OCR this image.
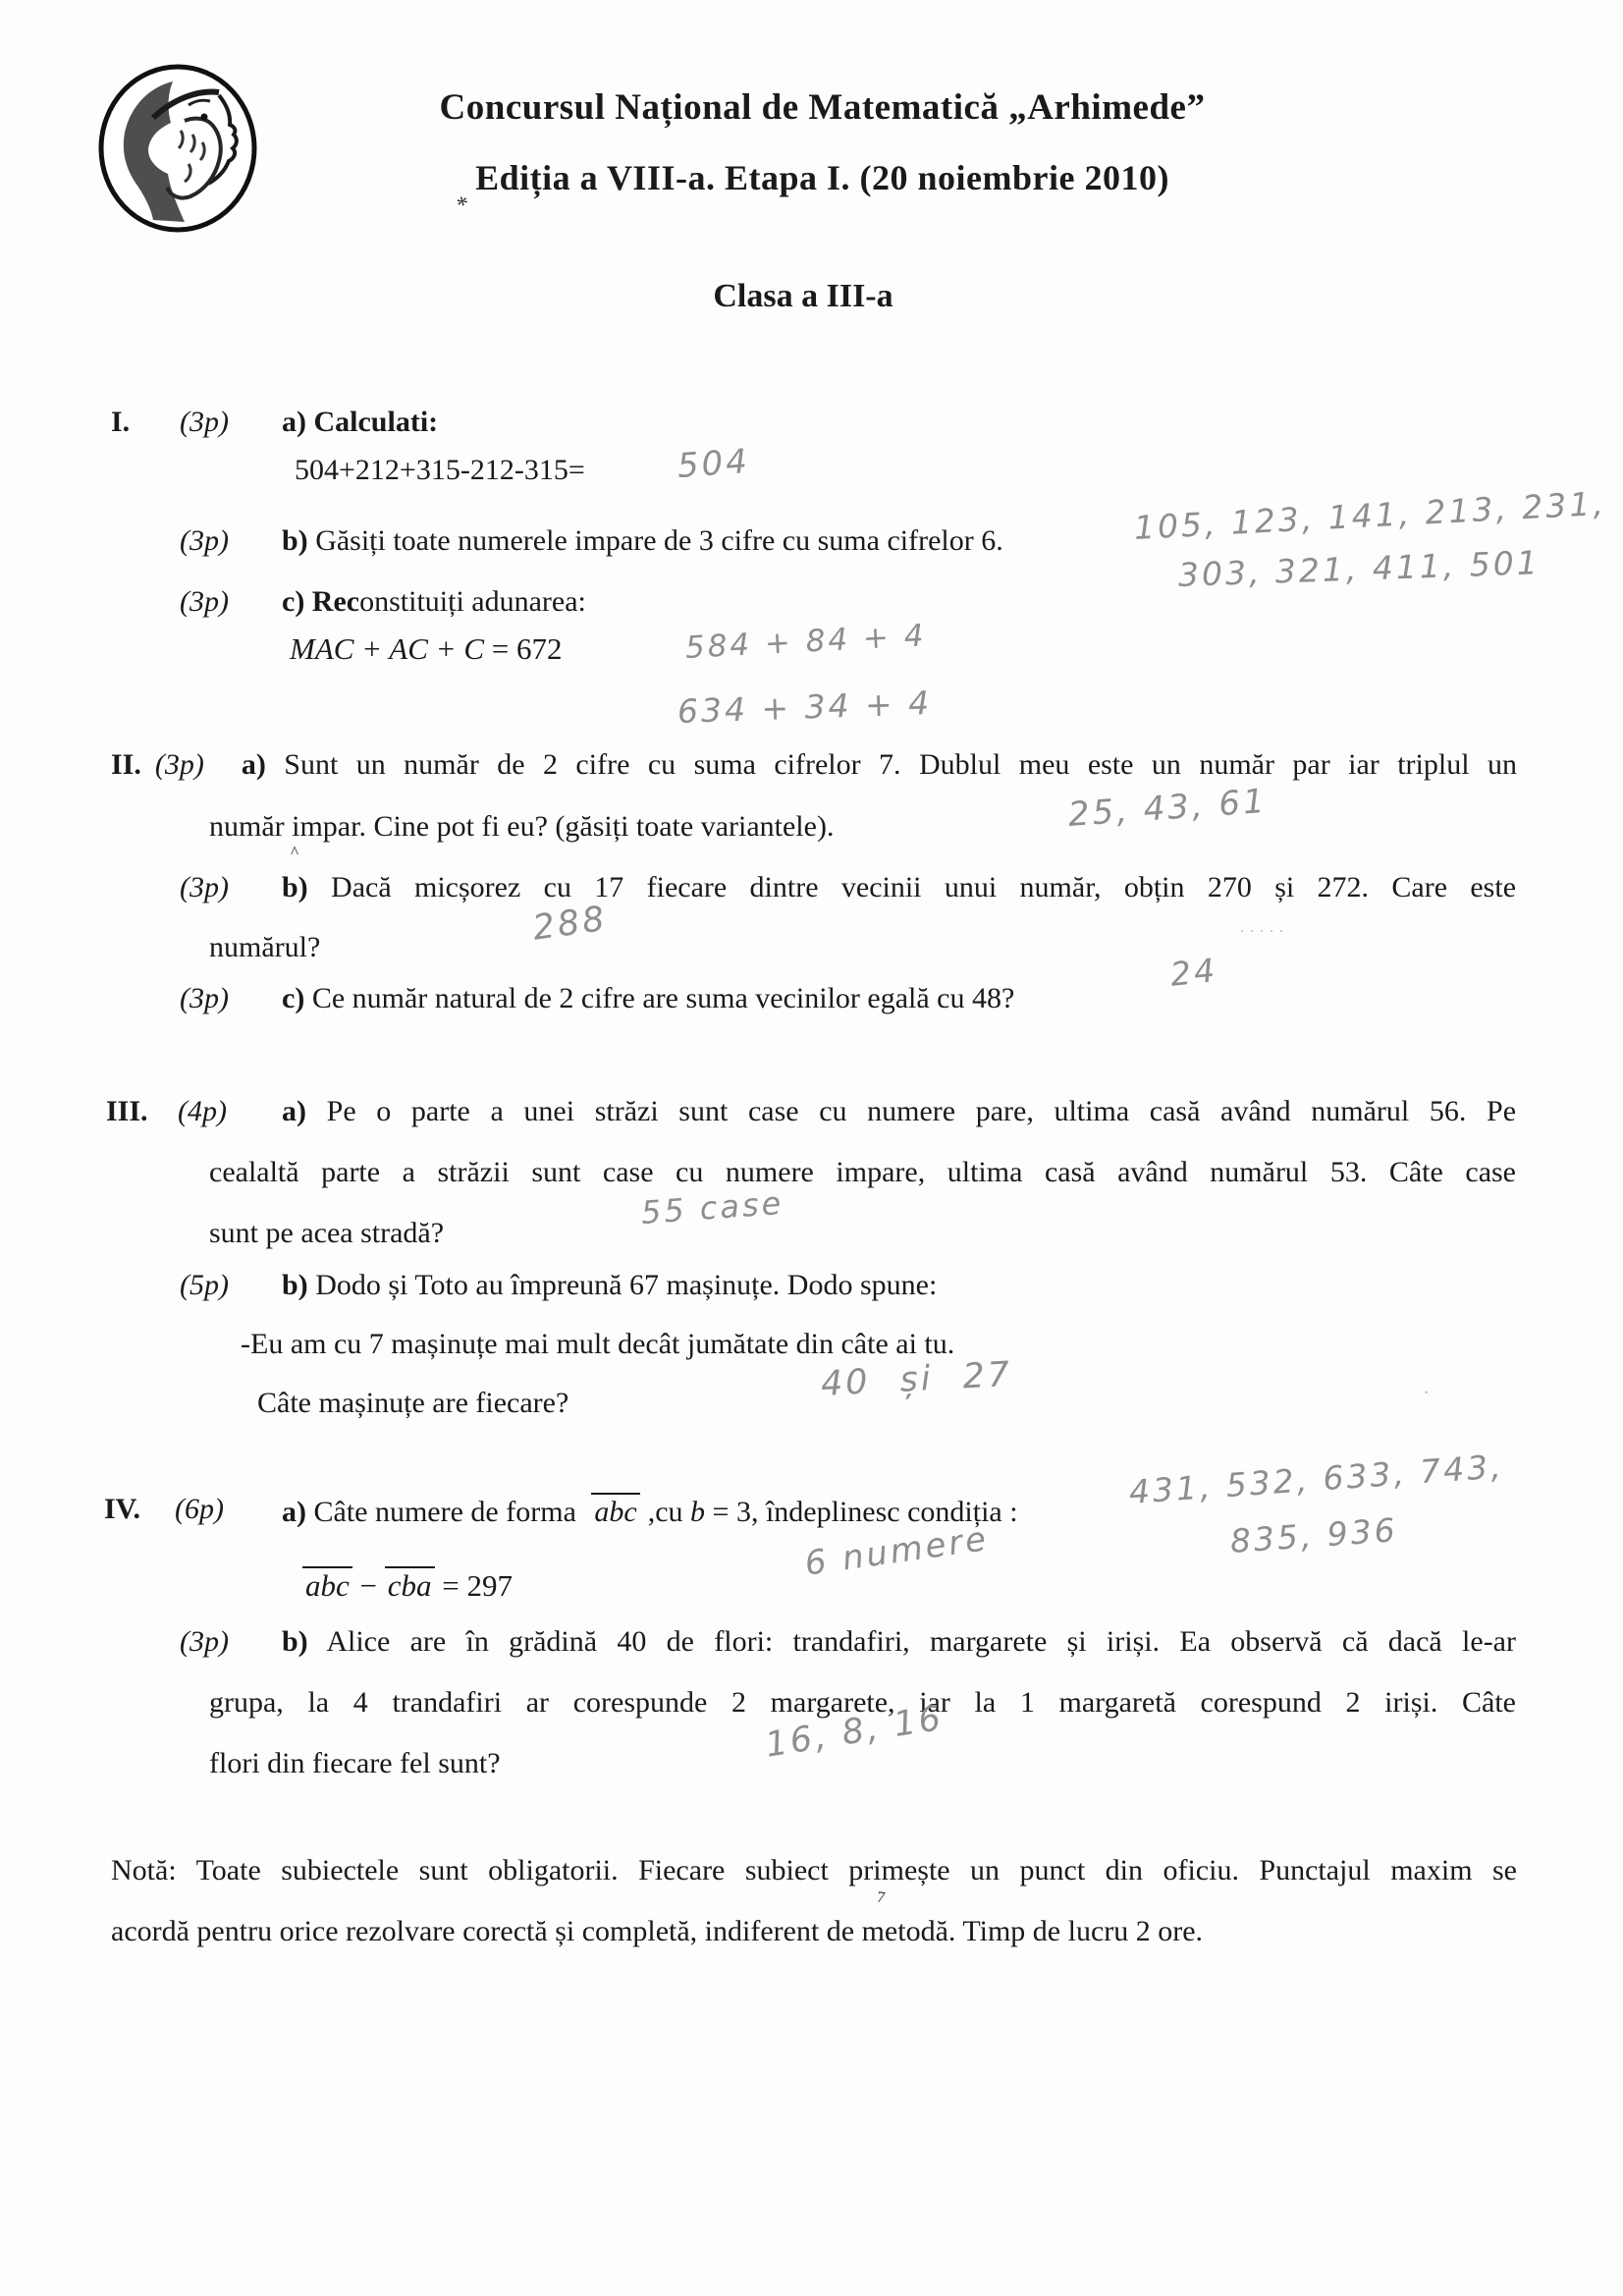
Concursul Național de Matematică „Arhimede”
Ediția a VIII-a. Etapa I. (20 noiembrie 2010)
*
Clasa a III-a
I. (3p) a) Calculati:
504+212+315-212-315=	504
(3p) b) Găsiți toate numerele impare de 3 cifre cu suma cifrelor 6.	105, 123, 141, 213, 231,
303, 321, 411, 501
(3p) c) Reconstituiți adunarea:
MAC + AC + C = 672	584 + 84 + 4
634 + 34 + 4
II. (3p) a) Sunt un număr de 2 cifre cu suma cifrelor 7. Dublul meu este un număr par iar triplul un
număr impar. Cine pot fi eu? (găsiți toate variantele).
^
25, 43, 61
(3p) b) Dacă micșorez cu 17 fiecare dintre vecinii unui număr, obțin 270 și 272. Care este
numărul?	288	·····
(3p) c) Ce număr natural de 2 cifre are suma vecinilor egală cu 48?
24
III. (4p) a) Pe o parte a unei străzi sunt case cu numere pare, ultima casă având numărul 56. Pe
cealaltă parte a străzii sunt case cu numere impare, ultima casă având numărul 53. Câte case
sunt pe acea stradă?
55 case
(5p) b) Dodo și Toto au împreună 67 mașinuțe. Dodo spune:
-Eu am cu 7 mașinuțe mai mult decât jumătate din câte ai tu.
Câte mașinuțe are fiecare?	40 și 27	·
IV. (6p) a) Câte numere de forma abc ,cu b = 3, îndeplinesc condiția :
431, 532, 633, 743,
835, 936
abc − cba = 297
6 numere
(3p) b) Alice are în grădină 40 de flori: trandafiri, margarete și iriși. Ea observă că dacă le-ar
grupa, la 4 trandafiri ar corespunde 2 margarete, iar la 1 margaretă corespund 2 iriși. Câte
flori din fiecare fel sunt?	16, 8, 16
Notă: Toate subiectele sunt obligatorii. Fiecare subiect primește un punct din oficiu. Punctajul maxim se
7
acordă pentru orice rezolvare corectă și completă, indiferent de metodă. Timp de lucru 2 ore.
